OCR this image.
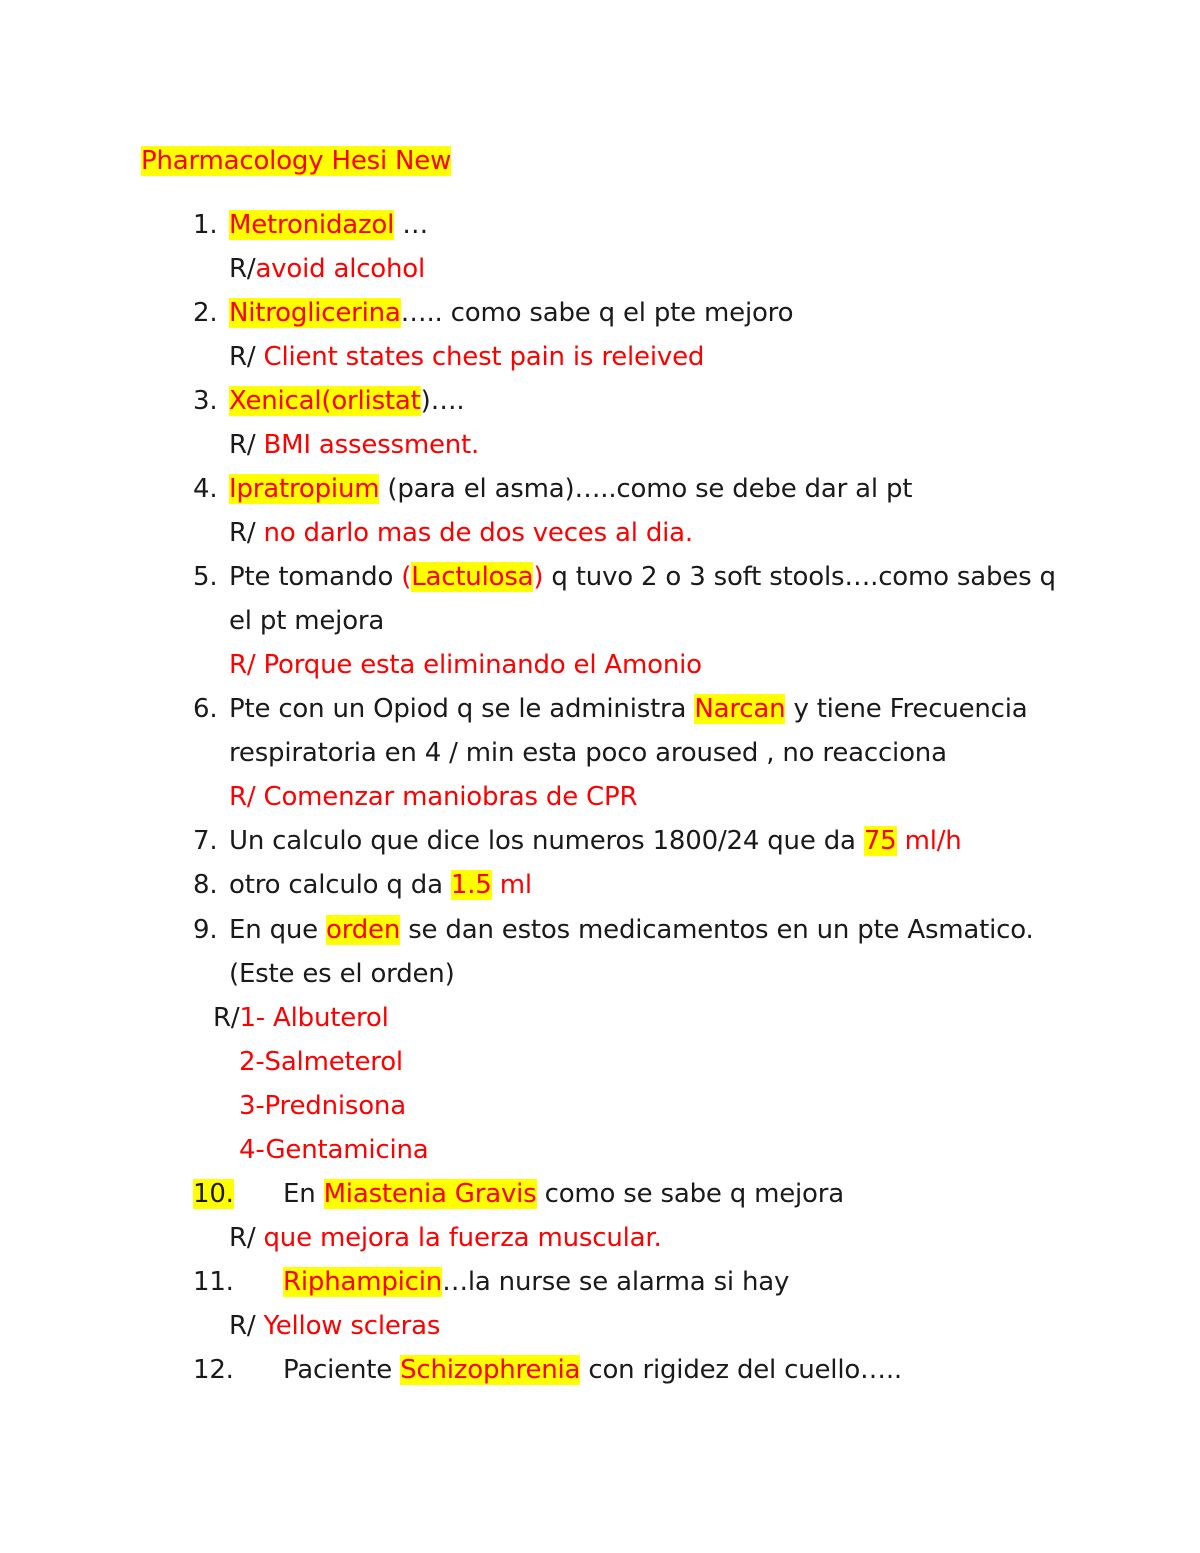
Pharmacology Hesi New
1. Metronidazol …
R/avoid alcohol
2. Nitroglicerina….. como sabe q el pte mejoro
R/ Client states chest pain is releived
3. Xenical(orlistat)….
R/ BMI assessment.
4. Ipratropium (para el asma)…..como se debe dar al pt
R/ no darlo mas de dos veces al dia.
5. Pte tomando (Lactulosa) q tuvo 2 o 3 soft stools….como sabes q
el pt mejora
R/ Porque esta eliminando el Amonio
6. Pte con un Opiod q se le administra Narcan y tiene Frecuencia
respiratoria en 4 / min esta poco aroused , no reacciona
R/ Comenzar maniobras de CPR
7. Un calculo que dice los numeros 1800/24 que da 75 ml/h
8. otro calculo q da 1.5 ml
9. En que orden se dan estos medicamentos en un pte Asmatico.
(Este es el orden)
R/1- Albuterol
2-Salmeterol
3-Prednisona
4-Gentamicina
10. En Miastenia Gravis como se sabe q mejora
R/ que mejora la fuerza muscular.
11. Riphampicin…la nurse se alarma si hay
R/ Yellow scleras
12. Paciente Schizophrenia con rigidez del cuello…..
